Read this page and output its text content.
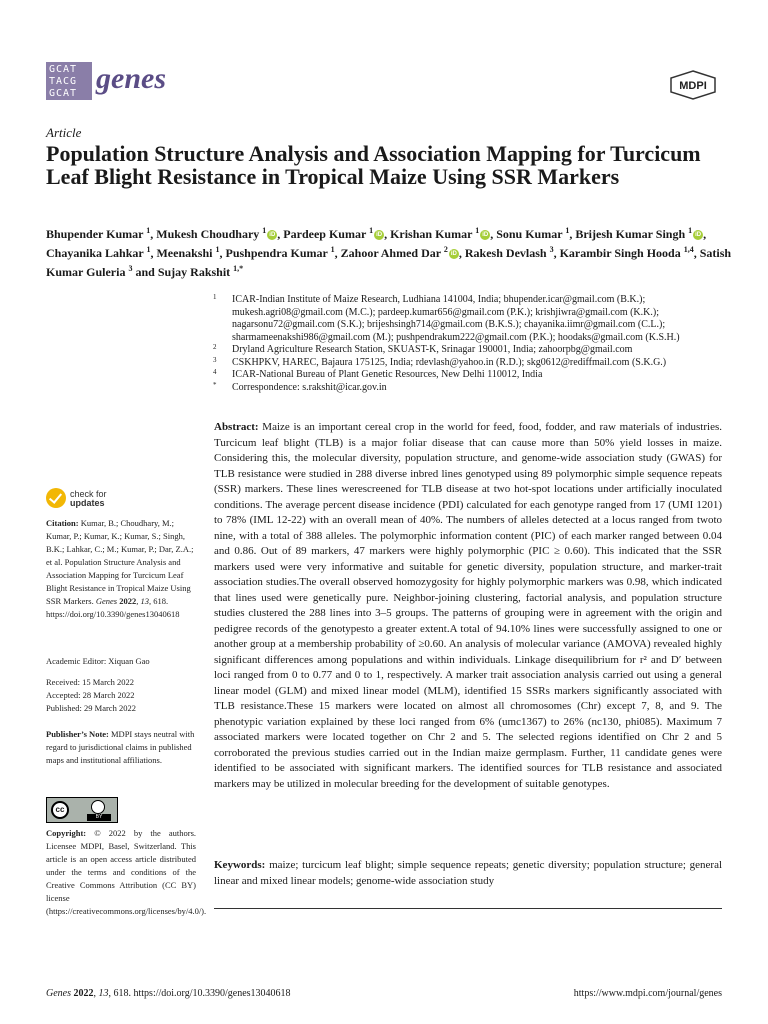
GCAT
TACG
GCAT genes	MDPI
Article
Population Structure Analysis and Association Mapping for Turcicum Leaf Blight Resistance in Tropical Maize Using SSR Markers
Bhupender Kumar $^1$, Mukesh Choudhary $^1$iD , Pardeep Kumar $^1$iD , Krishan Kumar $^1$iD , Sonu Kumar $^1$, Brijesh Kumar Singh $^1$iD , Chayanika Lahkar $^1$, Meenakshi $^1$, Pushpendra Kumar $^1$, Zahoor Ahmed Dar $^2$iD , Rakesh Devlash $^3$, Karambir Singh Hooda $^{1,4}$, Satish Kumar Guleria $^3$ and Sujay Rakshit $^{1,*}$
1 ICAR-Indian Institute of Maize Research, Ludhiana 141004, India; bhupender.icar@gmail.com (B.K.); mukesh.agri08@gmail.com (M.C.); pardeep.kumar656@gmail.com (P.K.); krishjiwra@gmail.com (K.K.); nagarsonu72@gmail.com (S.K.); brijeshsingh714@gmail.com (B.K.S.); chayanika.iimr@gmail.com (C.L.); sharmameenakshi986@gmail.com (M.); pushpendrakum222@gmail.com (P.K.); hoodaks@gmail.com (K.S.H.)
2 Dryland Agriculture Research Station, SKUAST-K, Srinagar 190001, India; zahoorpbg@gmail.com
3 CSKHPKV, HAREC, Bajaura 175125, India; rdevlash@yahoo.in (R.D.); skg0612@rediffmail.com (S.K.G.)
4 ICAR-National Bureau of Plant Genetic Resources, New Delhi 110012, India
* Correspondence: s.rakshit@icar.gov.in
Abstract: Maize is an important cereal crop in the world for feed, food, fodder, and raw materials of industries. Turcicum leaf blight (TLB) is a major foliar disease that can cause more than 50% yield losses in maize. Considering this, the molecular diversity, population structure, and genome-wide association study (GWAS) for TLB resistance were studied in 288 diverse inbred lines genotyped using 89 polymorphic simple sequence repeats (SSR) markers. These lines werescreened for TLB disease at two hot-spot locations under artificially inoculated conditions. The average percent disease incidence (PDI) calculated for each genotype ranged from 17 (UMI 1201) to 78% (IML 12-22) with an overall mean of 40%. The numbers of alleles detected at a locus ranged from twoto nine, with a total of 388 alleles. The polymorphic information content (PIC) of each marker ranged between 0.04 and 0.86. Out of 89 markers, 47 markers were highly polymorphic (PIC ≥ 0.60). This indicated that the SSR markers used were very informative and suitable for genetic diversity, population structure, and marker-trait association studies.The overall observed homozygosity for highly polymorphic markers was 0.98, which indicated that lines used were genetically pure. Neighbor-joining clustering, factorial analysis, and population structure studies clustered the 288 lines into 3–5 groups. The patterns of grouping were in agreement with the origin and pedigree records of the genotypesto a greater extent.A total of 94.10% lines were successfully assigned to one or another group at a membership probability of ≥0.60. An analysis of molecular variance (AMOVA) revealed highly significant differences among populations and within individuals. Linkage disequilibrium for r² and D′ between loci ranged from 0 to 0.77 and 0 to 1, respectively. A marker trait association analysis carried out using a general linear model (GLM) and mixed linear model (MLM), identified 15 SSRs markers significantly associated with TLB resistance.These 15 markers were located on almost all chromosomes (Chr) except 7, 8, and 9. The phenotypic variation explained by these loci ranged from 6% (umc1367) to 26% (nc130, phi085). Maximum 7 associated markers were located together on Chr 2 and 5. The selected regions identified on Chr 2 and 5 corroborated the previous studies carried out in the Indian maize germplasm. Further, 11 candidate genes were identified to be associated with significant markers. The identified sources for TLB resistance and associated markers may be utilized in molecular breeding for the development of suitable genotypes.
Keywords: maize; turcicum leaf blight; simple sequence repeats; genetic diversity; population structure; general linear and mixed linear models; genome-wide association study
check for
updates
Citation: Kumar, B.; Choudhary, M.; Kumar, P.; Kumar, K.; Kumar, S.; Singh, B.K.; Lahkar, C.; M.; Kumar, P.; Dar, Z.A.; et al. Population Structure Analysis and Association Mapping for Turcicum Leaf Blight Resistance in Tropical Maize Using SSR Markers. Genes 2022, 13, 618. https://doi.org/10.3390/genes13040618
Academic Editor: Xiquan Gao
Received: 15 March 2022
Accepted: 28 March 2022
Published: 29 March 2022
Publisher’s Note: MDPI stays neutral with regard to jurisdictional claims in published maps and institutional affiliations.
cc
BY
Copyright: © 2022 by the authors. Licensee MDPI, Basel, Switzerland. This article is an open access article distributed under the terms and conditions of the Creative Commons Attribution (CC BY) license (https://creativecommons.org/licenses/by/4.0/).
Genes 2022, 13, 618. https://doi.org/10.3390/genes13040618	https://www.mdpi.com/journal/genes
